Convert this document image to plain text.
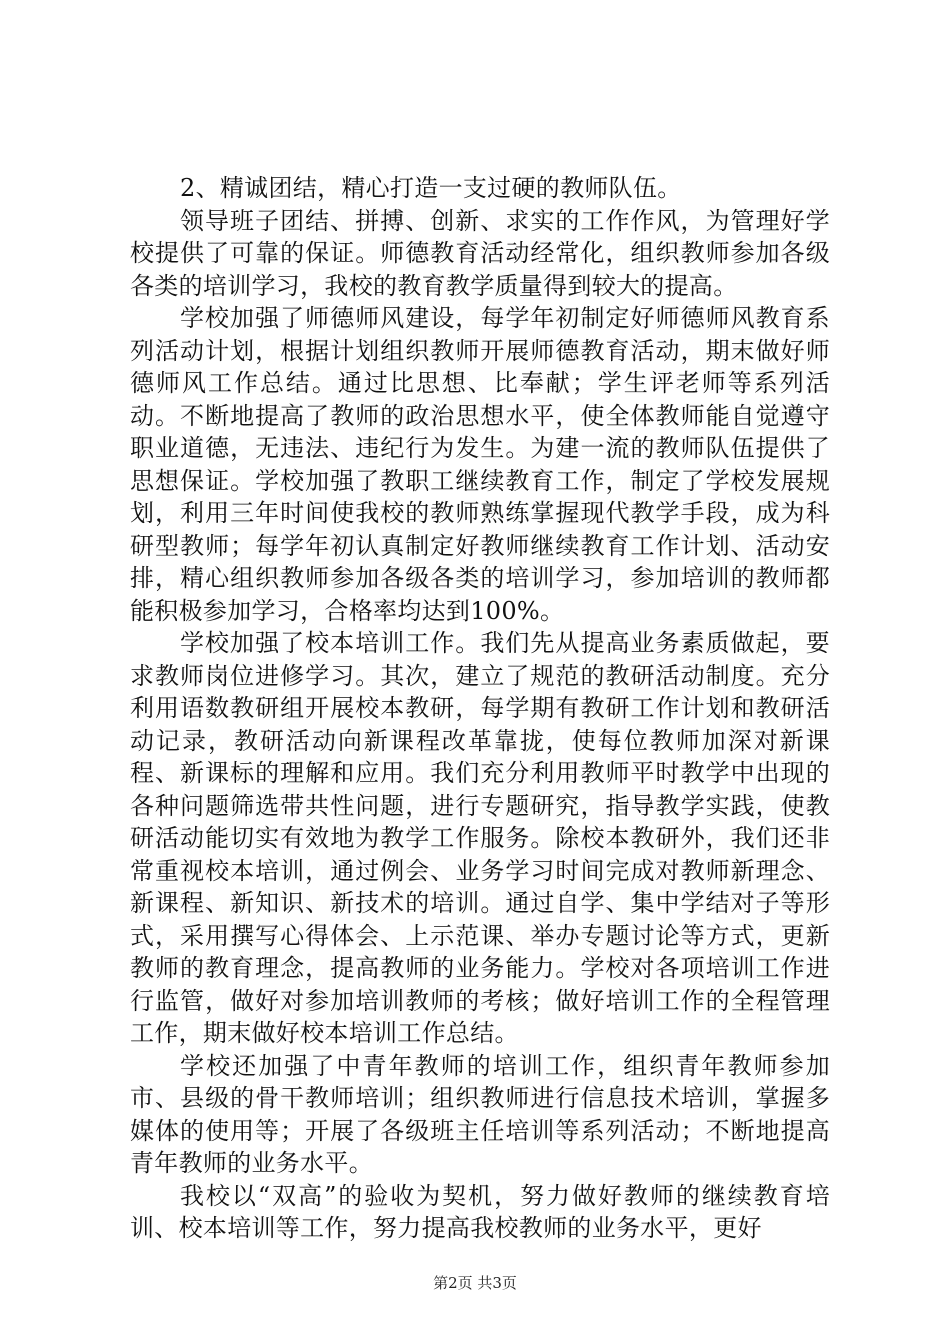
2、精诚团结，精心打造一支过硬的教师队伍。

领导班子团结、拼搏、创新、求实的工作作风，为管理好学校提供了可靠的保证。师德教育活动经常化，组织教师参加各级各类的培训学习，我校的教育教学质量得到较大的提高。

学校加强了师德师风建设，每学年初制定好师德师风教育系列活动计划，根据计划组织教师开展师德教育活动，期末做好师德师风工作总结。通过比思想、比奉献；学生评老师等系列活动。不断地提高了教师的政治思想水平，使全体教师能自觉遵守职业道德，无违法、违纪行为发生。为建一流的教师队伍提供了思想保证。学校加强了教职工继续教育工作，制定了学校发展规划，利用三年时间使我校的教师熟练掌握现代教学手段，成为科研型教师；每学年初认真制定好教师继续教育工作计划、活动安排，精心组织教师参加各级各类的培训学习，参加培训的教师都能积极参加学习，合格率均达到100%。

学校加强了校本培训工作。我们先从提高业务素质做起，要求教师岗位进修学习。其次，建立了规范的教研活动制度。充分利用语数教研组开展校本教研，每学期有教研工作计划和教研活动记录，教研活动向新课程改革靠拢，使每位教师加深对新课程、新课标的理解和应用。我们充分利用教师平时教学中出现的各种问题筛选带共性问题，进行专题研究，指导教学实践，使教研活动能切实有效地为教学工作服务。除校本教研外，我们还非常重视校本培训，通过例会、业务学习时间完成对教师新理念、新课程、新知识、新技术的培训。通过自学、集中学结对子等形式，采用撰写心得体会、上示范课、举办专题讨论等方式，更新教师的教育理念，提高教师的业务能力。学校对各项培训工作进行监管，做好对参加培训教师的考核；做好培训工作的全程管理工作，期末做好校本培训工作总结。

学校还加强了中青年教师的培训工作，组织青年教师参加市、县级的骨干教师培训；组织教师进行信息技术培训，掌握多媒体的使用等；开展了各级班主任培训等系列活动；不断地提高青年教师的业务水平。

我校以“双高”的验收为契机，努力做好教师的继续教育培训、校本培训等工作，努力提高我校教师的业务水平，更好

第2页 共3页
